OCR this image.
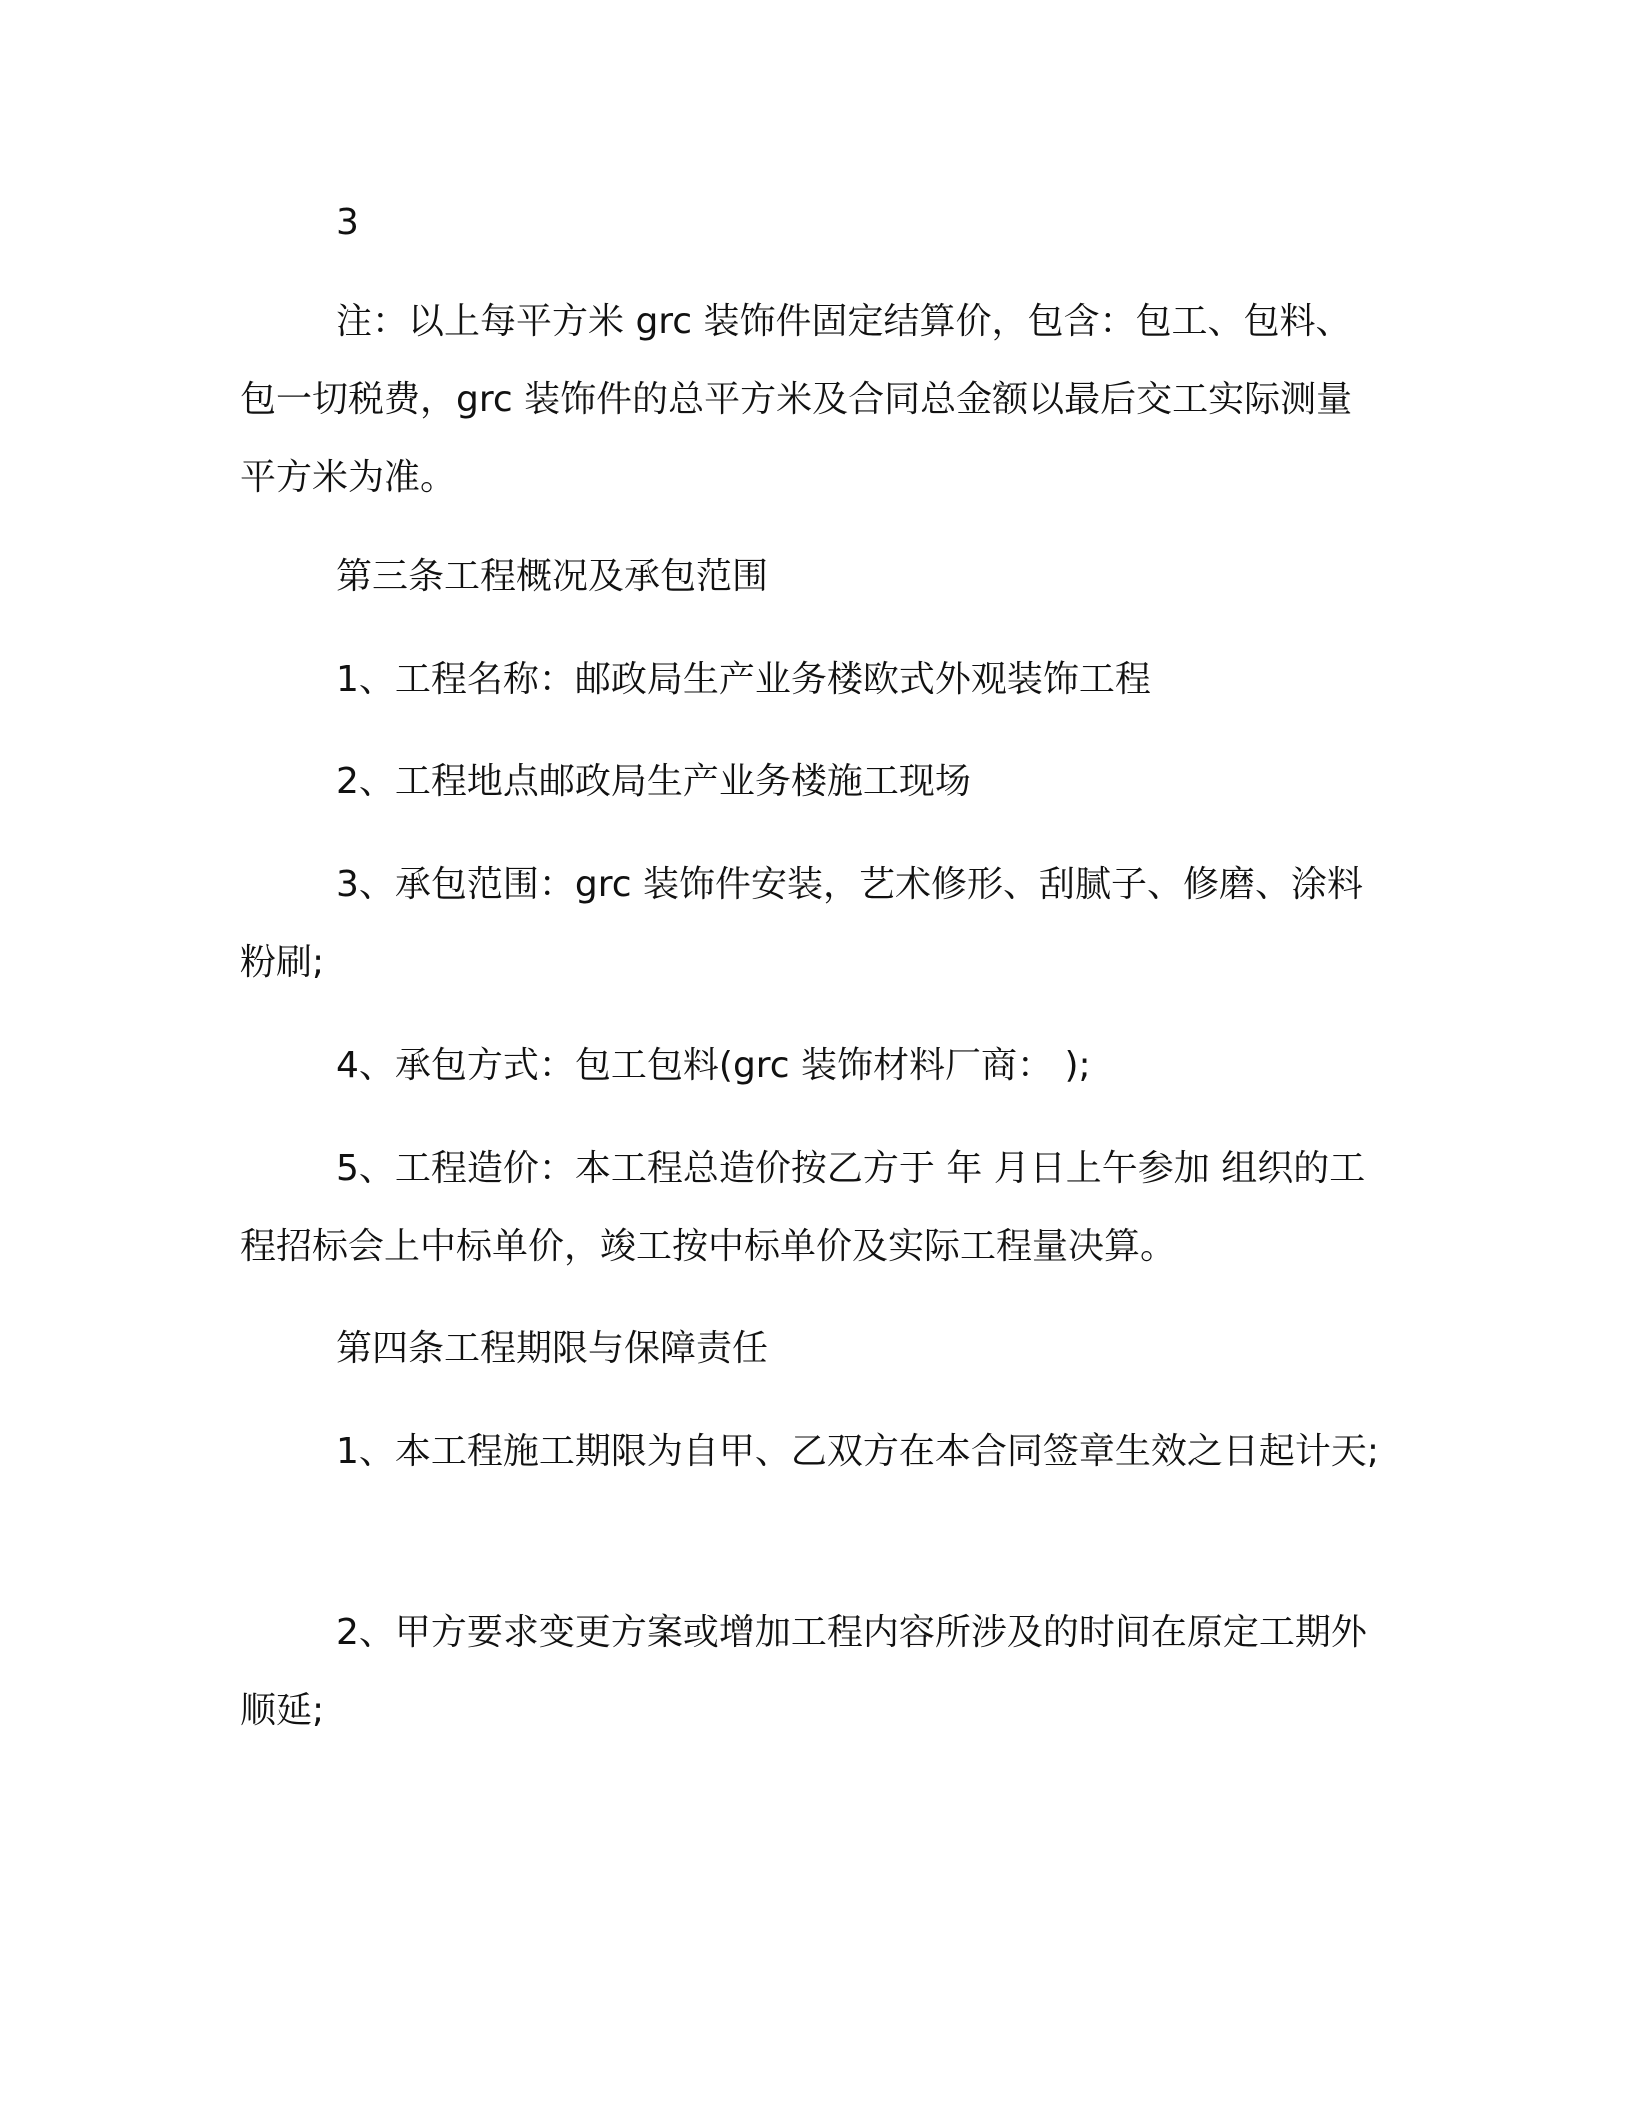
3

注：以上每平方米 grc 装饰件固定结算价，包含：包工、包料、包一切税费，grc 装饰件的总平方米及合同总金额以最后交工实际测量平方米为准。

第三条工程概况及承包范围

1、工程名称：邮政局生产业务楼欧式外观装饰工程

2、工程地点邮政局生产业务楼施工现场

3、承包范围：grc 装饰件安装，艺术修形、刮腻子、修磨、涂料粉刷;

4、承包方式：包工包料(grc 装饰材料厂商： );

5、工程造价：本工程总造价按乙方于 年 月日上午参加 组织的工程招标会上中标单价，竣工按中标单价及实际工程量决算。

第四条工程期限与保障责任

1、本工程施工期限为自甲、乙双方在本合同签章生效之日起计天;

2、甲方要求变更方案或增加工程内容所涉及的时间在原定工期外顺延;
